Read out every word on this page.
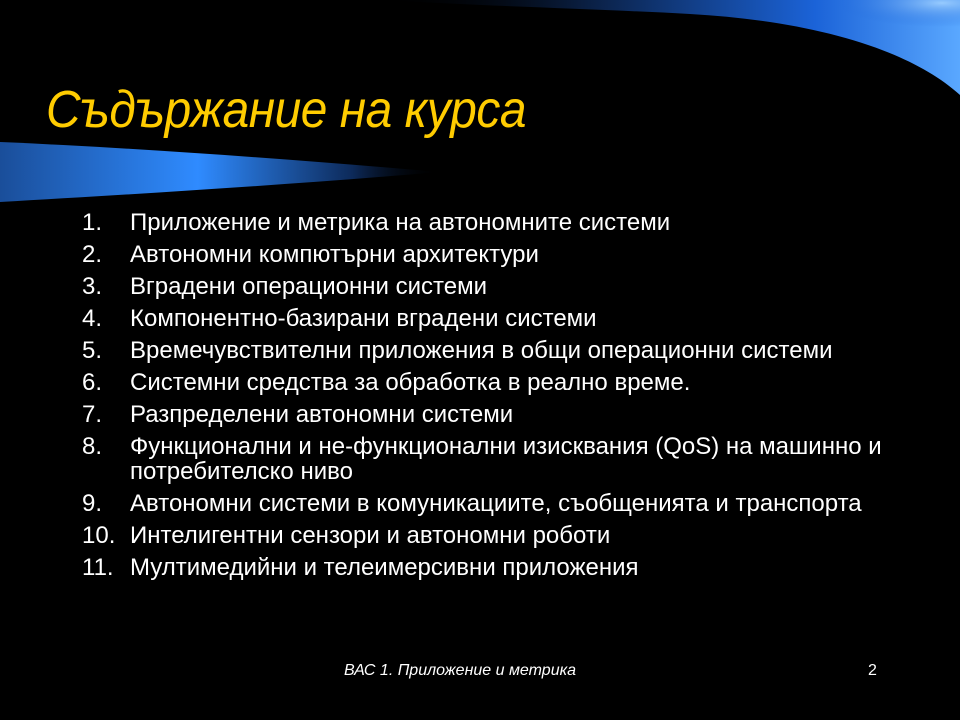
Съдържание на курса
1.	Приложение и метрика на автономните системи
2.	Автономни компютърни архитектури
3.	Вградени операционни системи
4.	Компонентно-базирани вградени системи
5.	Времечувствителни приложения в общи операционни системи
6.	Системни средства за обработка в реално време.
7.	Разпределени автономни системи
8.	Функционални и не-функционални изисквания (QoS) на машинно и потребителско ниво
9.	Автономни системи в комуникациите, съобщенията и транспорта
10. Интелигентни сензори и автономни роботи
11. Мултимедийни и телеимерсивни приложения
ВАС 1. Приложение и метрика	2
